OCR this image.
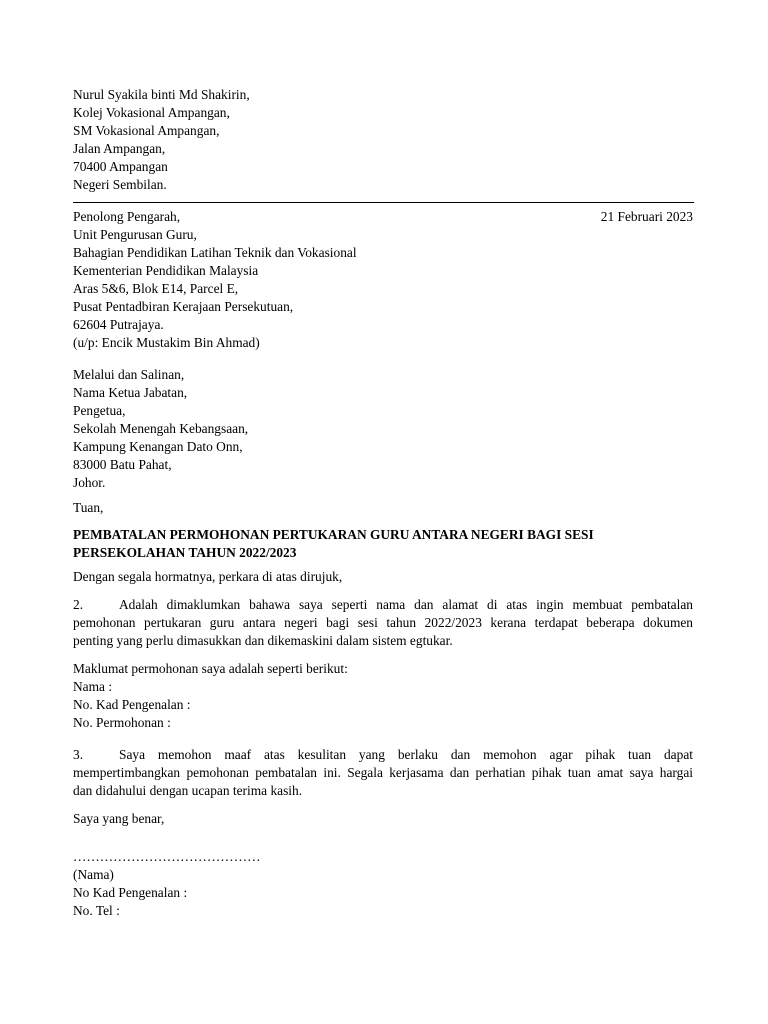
Nurul Syakila binti Md Shakirin,
Kolej Vokasional Ampangan,
SM Vokasional Ampangan,
Jalan Ampangan,
70400 Ampangan
Negeri Sembilan.
21 Februari 2023
Penolong Pengarah,
Unit Pengurusan Guru,
Bahagian Pendidikan Latihan Teknik dan Vokasional
Kementerian Pendidikan Malaysia
Aras 5&6, Blok E14, Parcel E,
Pusat Pentadbiran Kerajaan Persekutuan,
62604 Putrajaya.
(u/p: Encik Mustakim Bin Ahmad)
Melalui dan Salinan,
Nama Ketua Jabatan,
Pengetua,
Sekolah Menengah Kebangsaan,
Kampung Kenangan Dato Onn,
83000 Batu Pahat,
Johor.
Tuan,
PEMBATALAN PERMOHONAN PERTUKARAN GURU ANTARA NEGERI BAGI SESI
PERSEKOLAHAN TAHUN 2022/2023
Dengan segala hormatnya, perkara di atas dirujuk,
2.	Adalah dimaklumkan bahawa saya seperti nama dan alamat di atas ingin membuat pembatalan
pemohonan pertukaran guru antara negeri bagi sesi tahun 2022/2023 kerana terdapat beberapa dokumen
penting yang perlu dimasukkan dan dikemaskini dalam sistem egtukar.
Maklumat permohonan saya adalah seperti berikut:
Nama :
No. Kad Pengenalan :
No. Permohonan :
3.	Saya memohon maaf atas kesulitan yang berlaku dan memohon agar pihak tuan dapat
mempertimbangkan pemohonan pembatalan ini. Segala kerjasama dan perhatian pihak tuan amat saya hargai
dan didahului dengan ucapan terima kasih.
Saya yang benar,
……………………………………
(Nama)
No Kad Pengenalan :
No. Tel :
